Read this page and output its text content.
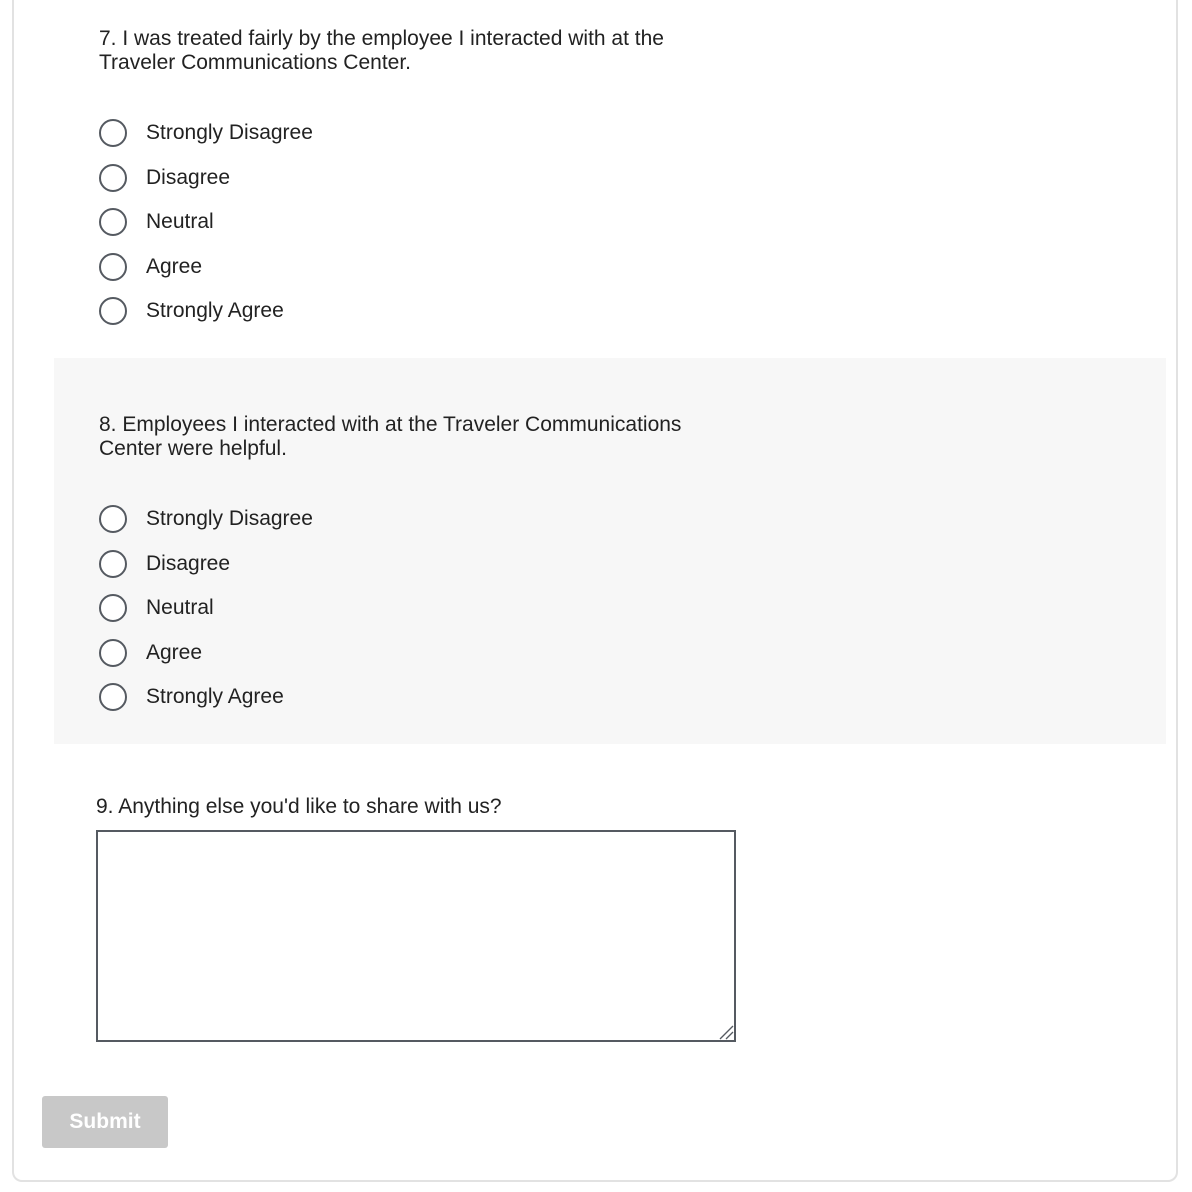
7. I was treated fairly by the employee I interacted with at the Traveler Communications Center.
Strongly Disagree
Disagree
Neutral
Agree
Strongly Agree
8. Employees I interacted with at the Traveler Communications Center were helpful.
Strongly Disagree
Disagree
Neutral
Agree
Strongly Agree
9. Anything else you'd like to share with us?
Submit
